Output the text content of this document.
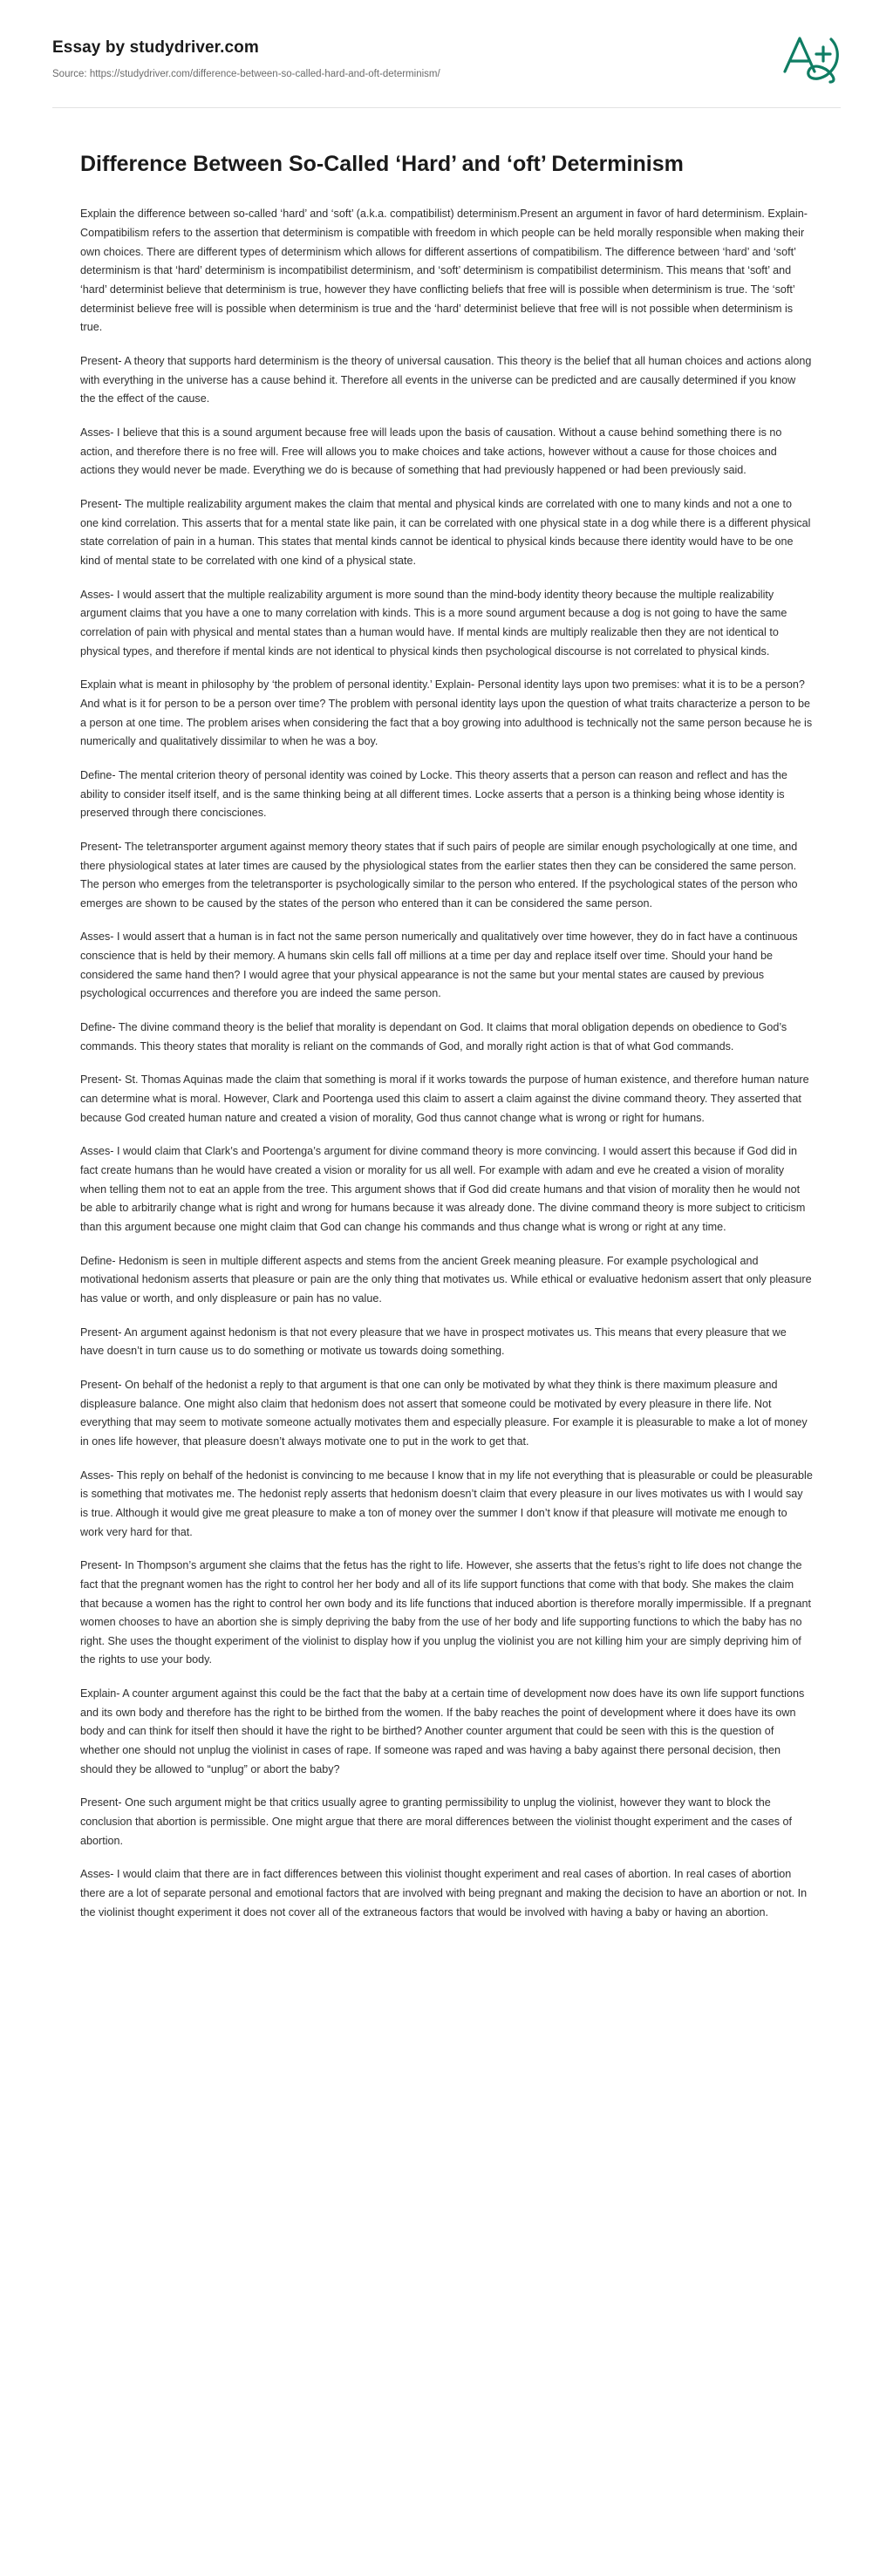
Essay by studydriver.com
Source: https://studydriver.com/difference-between-so-called-hard-and-oft-determinism/
Difference Between So-Called ‘Hard’ and ‘oft’ Determinism

Explain the difference between so-called ‘hard’ and ‘soft’ (a.k.a. compatibilist) determinism.Present an argument in favor of hard determinism. Explain- Compatibilism refers to the assertion that determinism is compatible with freedom in which people can be held morally responsible when making their own choices. There are different types of determinism which allows for different assertions of compatibilism. The difference between ‘hard’ and ‘soft’ determinism is that ‘hard’ determinism is incompatibilist determinism, and ‘soft’ determinism is compatibilist determinism. This means that ‘soft’ and ‘hard’ determinist believe that determinism is true, however they have conflicting beliefs that free will is possible when determinism is true. The ‘soft’ determinist believe free will is possible when determinism is true and the ‘hard’ determinist believe that free will is not possible when determinism is true.

Present- A theory that supports hard determinism is the theory of universal causation. This theory is the belief that all human choices and actions along with everything in the universe has a cause behind it. Therefore all events in the universe can be predicted and are causally determined if you know the the effect of the cause.

Asses- I believe that this is a sound argument because free will leads upon the basis of causation. Without a cause behind something there is no action, and therefore there is no free will. Free will allows you to make choices and take actions, however without a cause for those choices and actions they would never be made. Everything we do is because of something that had previously happened or had been previously said.

Present- The multiple realizability argument makes the claim that mental and physical kinds are correlated with one to many kinds and not a one to one kind correlation. This asserts that for a mental state like pain, it can be correlated with one physical state in a dog while there is a different physical state correlation of pain in a human. This states that mental kinds cannot be identical to physical kinds because there identity would have to be one kind of mental state to be correlated with one kind of a physical state.

Asses- I would assert that the multiple realizability argument is more sound than the mind-body identity theory because the multiple realizability argument claims that you have a one to many correlation with kinds. This is a more sound argument because a dog is not going to have the same correlation of pain with physical and mental states than a human would have. If mental kinds are multiply realizable then they are not identical to physical types, and therefore if mental kinds are not identical to physical kinds then psychological discourse is not correlated to physical kinds.

Explain what is meant in philosophy by ‘the problem of personal identity.’ Explain- Personal identity lays upon two premises: what it is to be a person? And what is it for person to be a person over time? The problem with personal identity lays upon the question of what traits characterize a person to be a person at one time. The problem arises when considering the fact that a boy growing into adulthood is technically not the same person because he is numerically and qualitatively dissimilar to when he was a boy.

Define- The mental criterion theory of personal identity was coined by Locke. This theory asserts that a person can reason and reflect and has the ability to consider itself itself, and is the same thinking being at all different times. Locke asserts that a person is a thinking being whose identity is preserved through there concisciones.

Present- The teletransporter argument against memory theory states that if such pairs of people are similar enough psychologically at one time, and there physiological states at later times are caused by the physiological states from the earlier states then they can be considered the same person. The person who emerges from the teletransporter is psychologically similar to the person who entered. If the psychological states of the person who emerges are shown to be caused by the states of the person who entered than it can be considered the same person.

Asses- I would assert that a human is in fact not the same person numerically and qualitatively over time however, they do in fact have a continuous conscience that is held by their memory. A humans skin cells fall off millions at a time per day and replace itself over time. Should your hand be considered the same hand then? I would agree that your physical appearance is not the same but your mental states are caused by previous psychological occurrences and therefore you are indeed the same person.

Define- The divine command theory is the belief that morality is dependant on God. It claims that moral obligation depends on obedience to God’s commands. This theory states that morality is reliant on the commands of God, and morally right action is that of what God commands.

Present- St. Thomas Aquinas made the claim that something is moral if it works towards the purpose of human existence, and therefore human nature can determine what is moral. However, Clark and Poortenga used this claim to assert a claim against the divine command theory. They asserted that because God created human nature and created a vision of morality, God thus cannot change what is wrong or right for humans.

Asses- I would claim that Clark’s and Poortenga’s argument for divine command theory is more convincing. I would assert this because if God did in fact create humans than he would have created a vision or morality for us all well. For example with adam and eve he created a vision of morality when telling them not to eat an apple from the tree. This argument shows that if God did create humans and that vision of morality then he would not be able to arbitrarily change what is right and wrong for humans because it was already done. The divine command theory is more subject to criticism than this argument because one might claim that God can change his commands and thus change what is wrong or right at any time.

Define- Hedonism is seen in multiple different aspects and stems from the ancient Greek meaning pleasure. For example psychological and motivational hedonism asserts that pleasure or pain are the only thing that motivates us. While ethical or evaluative hedonism assert that only pleasure has value or worth, and only displeasure or pain has no value.

Present- An argument against hedonism is that not every pleasure that we have in prospect motivates us. This means that every pleasure that we have doesn’t in turn cause us to do something or motivate us towards doing something.

Present- On behalf of the hedonist a reply to that argument is that one can only be motivated by what they think is there maximum pleasure and displeasure balance. One might also claim that hedonism does not assert that someone could be motivated by every pleasure in there life. Not everything that may seem to motivate someone actually motivates them and especially pleasure. For example it is pleasurable to make a lot of money in ones life however, that pleasure doesn’t always motivate one to put in the work to get that.

Asses- This reply on behalf of the hedonist is convincing to me because I know that in my life not everything that is pleasurable or could be pleasurable is something that motivates me. The hedonist reply asserts that hedonism doesn’t claim that every pleasure in our lives motivates us with I would say is true. Although it would give me great pleasure to make a ton of money over the summer I don’t know if that pleasure will motivate me enough to work very hard for that.

Present- In Thompson’s argument she claims that the fetus has the right to life. However, she asserts that the fetus’s right to life does not change the fact that the pregnant women has the right to control her her body and all of its life support functions that come with that body. She makes the claim that because a women has the right to control her own body and its life functions that induced abortion is therefore morally impermissible. If a pregnant women chooses to have an abortion she is simply depriving the baby from the use of her body and life supporting functions to which the baby has no right. She uses the thought experiment of the violinist to display how if you unplug the violinist you are not killing him your are simply depriving him of the rights to use your body.

Explain- A counter argument against this could be the fact that the baby at a certain time of development now does have its own life support functions and its own body and therefore has the right to be birthed from the women. If the baby reaches the point of development where it does have its own body and can think for itself then should it have the right to be birthed? Another counter argument that could be seen with this is the question of whether one should not unplug the violinist in cases of rape. If someone was raped and was having a baby against there personal decision, then should they be allowed to “unplug” or abort the baby?

Present- One such argument might be that critics usually agree to granting permissibility to unplug the violinist, however they want to block the conclusion that abortion is permissible. One might argue that there are moral differences between the violinist thought experiment and the cases of abortion.

Asses- I would claim that there are in fact differences between this violinist thought experiment and real cases of abortion. In real cases of abortion there are a lot of separate personal and emotional factors that are involved with being pregnant and making the decision to have an abortion or not. In the violinist thought experiment it does not cover all of the extraneous factors that would be involved with having a baby or having an abortion.
